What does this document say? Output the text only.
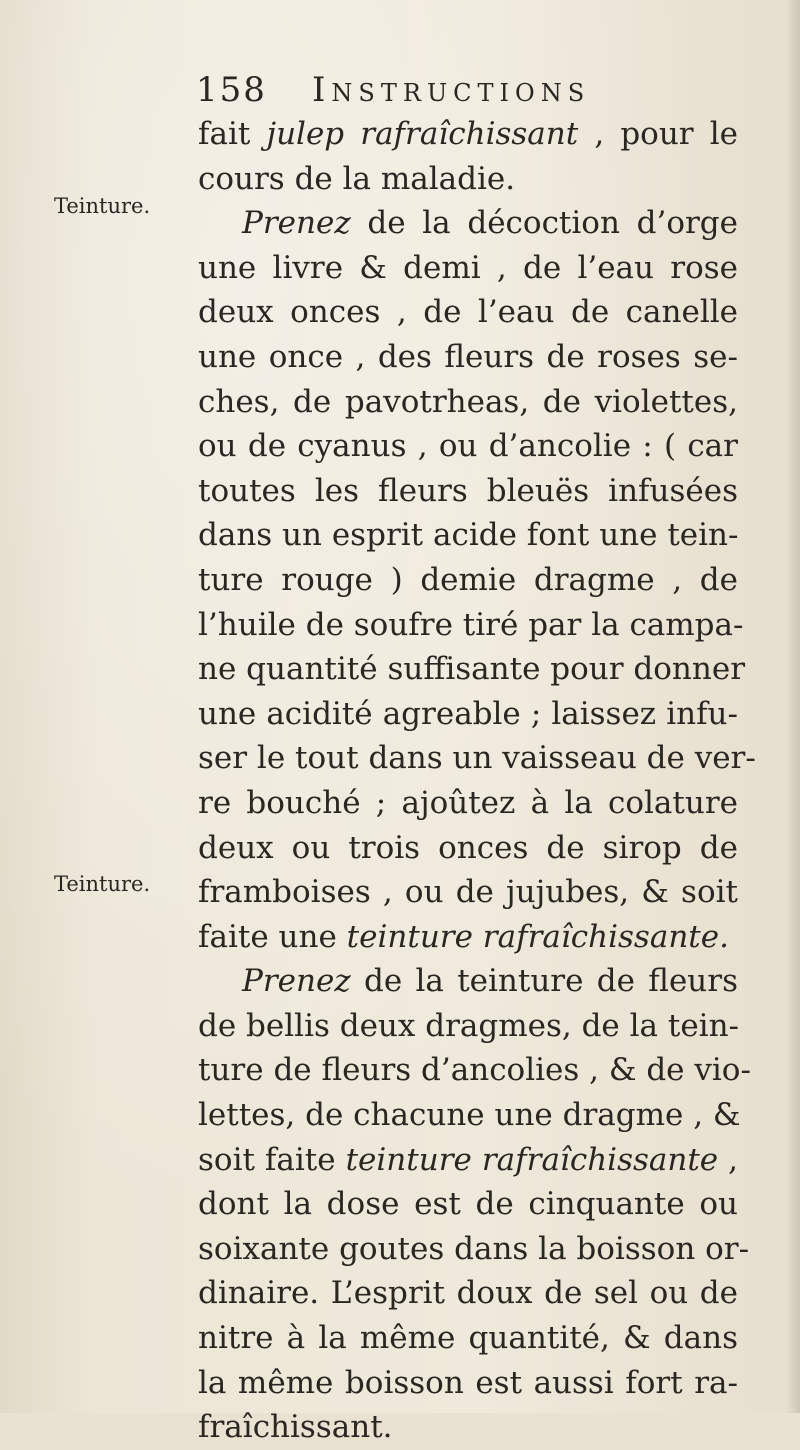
158 Instructions
Teinture.
Teinture.
fait julep rafraîchissant , pour le
cours de la maladie.
Prenez de la décoction d’orge
une livre & demi , de l’eau rose
deux onces , de l’eau de canelle
une once , des fleurs de roses se-
ches, de pavotrheas, de violettes,
ou de cyanus , ou d’ancolie : ( car
toutes les fleurs bleuës infusées
dans un esprit acide font une tein-
ture rouge ) demie dragme , de
l’huile de soufre tiré par la campa-
ne quantité suffisante pour donner
une acidité agreable ; laissez infu-
ser le tout dans un vaisseau de ver-
re bouché ; ajoûtez à la colature
deux ou trois onces de sirop de
framboises , ou de jujubes, & soit
faite une teinture rafraîchissante.
Prenez de la teinture de fleurs
de bellis deux dragmes, de la tein-
ture de fleurs d’ancolies , & de vio-
lettes, de chacune une dragme , &
soit faite teinture rafraîchissante ,
dont la dose est de cinquante ou
soixante goutes dans la boisson or-
dinaire. L’esprit doux de sel ou de
nitre à la même quantité, & dans
la même boisson est aussi fort ra-
fraîchissant.
